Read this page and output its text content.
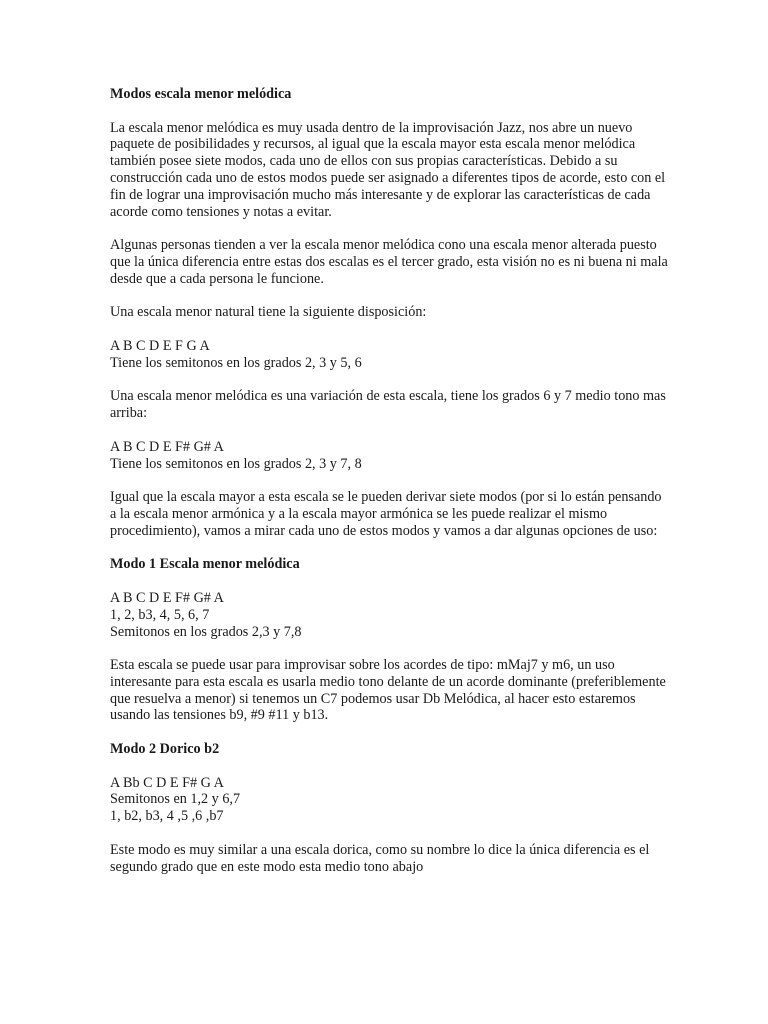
Modos escala menor melódica

La escala menor melódica es muy usada dentro de la improvisación Jazz, nos abre un nuevo paquete de posibilidades y recursos, al igual que la escala mayor esta escala menor melódica también posee siete modos, cada uno de ellos con sus propias características. Debido a su construcción cada uno de estos modos puede ser asignado a diferentes tipos de acorde, esto con el fin de lograr una improvisación mucho más interesante y de explorar las características de cada acorde como tensiones y notas a evitar.

Algunas personas tienden a ver la escala menor melódica cono una escala menor alterada puesto que la única diferencia entre estas dos escalas es el tercer grado, esta visión no es ni buena ni mala desde que a cada persona le funcione.

Una escala menor natural tiene la siguiente disposición:

A B C D E F G A
Tiene los semitonos en los grados 2, 3 y 5, 6

Una escala menor melódica es una variación de esta escala, tiene los grados 6 y 7 medio tono mas arriba:

A B C D E F# G# A
Tiene los semitonos en los grados 2, 3 y 7, 8

Igual que la escala mayor a esta escala se le pueden derivar siete modos (por si lo están pensando a la escala menor armónica y a la escala mayor armónica se les puede realizar el mismo procedimiento), vamos a mirar cada uno de estos modos y vamos a dar algunas opciones de uso:

Modo 1 Escala menor melódica

A B C D E F# G# A
1, 2, b3, 4, 5, 6, 7
Semitonos en los grados 2,3 y 7,8

Esta escala se puede usar para improvisar sobre los acordes de tipo: mMaj7 y m6, un uso interesante para esta escala es usarla medio tono delante de un acorde dominante (preferiblemente que resuelva a menor) si tenemos un C7 podemos usar Db Melódica, al hacer esto estaremos usando las tensiones b9, #9 #11 y b13.

Modo 2 Dorico b2

A Bb C D E F# G A
Semitonos en 1,2 y 6,7
1, b2, b3, 4 ,5 ,6 ,b7

Este modo es muy similar a una escala dorica, como su nombre lo dice la única diferencia es el segundo grado que en este modo esta medio tono abajo
